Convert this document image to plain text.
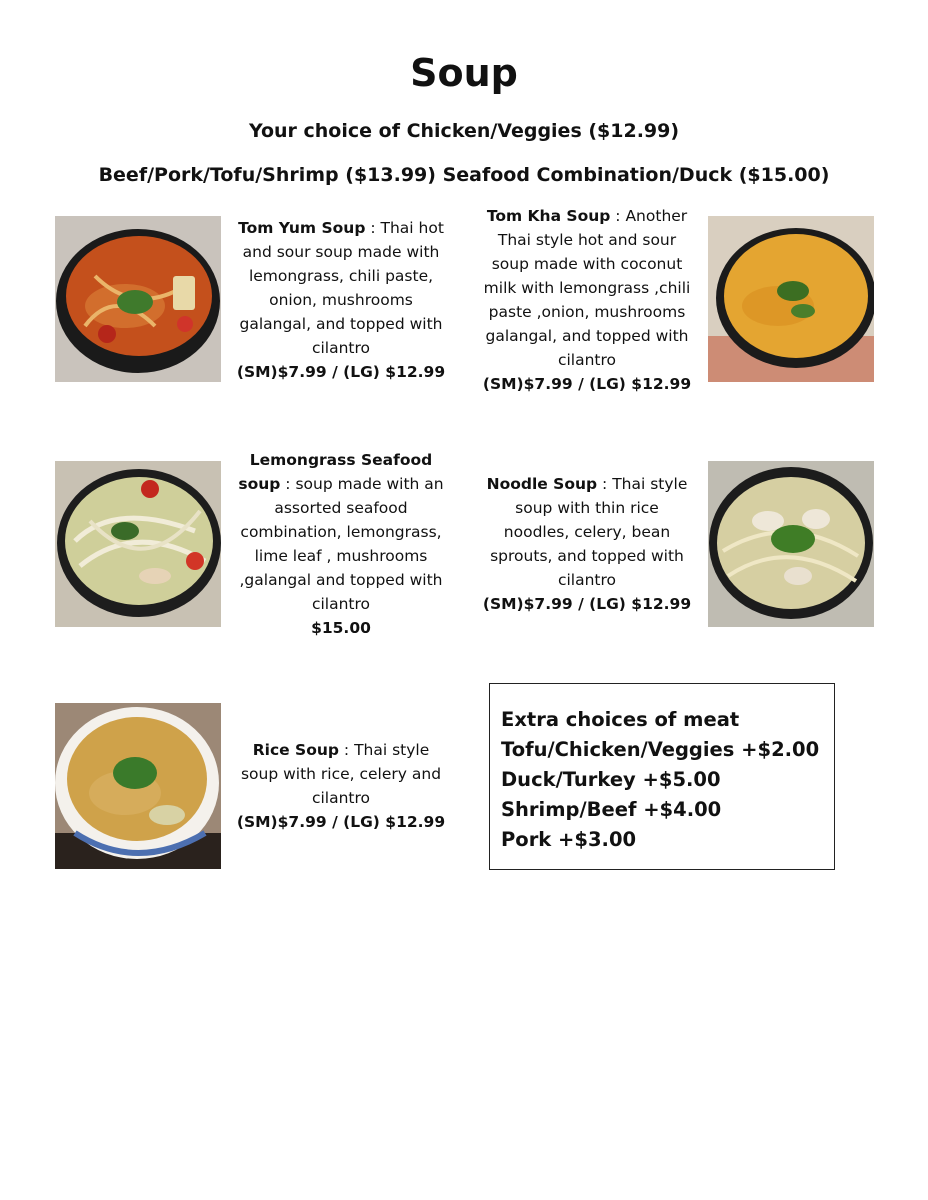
Soup
Your choice of Chicken/Veggies ($12.99)
Beef/Pork/Tofu/Shrimp ($13.99) Seafood Combination/Duck ($15.00)
Tom Yum Soup : Thai hot and sour soup made with lemongrass, chili paste, onion, mushrooms galangal, and topped with cilantro
(SM)$7.99 / (LG) $12.99
Tom Kha Soup : Another Thai style hot and sour soup made with coconut milk with lemongrass ,chili paste ,onion, mushrooms galangal, and topped with cilantro
(SM)$7.99 / (LG) $12.99
Lemongrass Seafood soup : soup made with an assorted seafood combination, lemongrass, lime leaf , mushrooms ,galangal and topped with cilantro
$15.00
Noodle Soup : Thai style soup with thin rice noodles, celery, bean sprouts, and topped with cilantro
(SM)$7.99 / (LG) $12.99
Rice Soup : Thai style soup with rice, celery and cilantro
(SM)$7.99 / (LG) $12.99
Extra choices of meat
Tofu/Chicken/Veggies +$2.00
Duck/Turkey +$5.00
Shrimp/Beef +$4.00
Pork +$3.00
